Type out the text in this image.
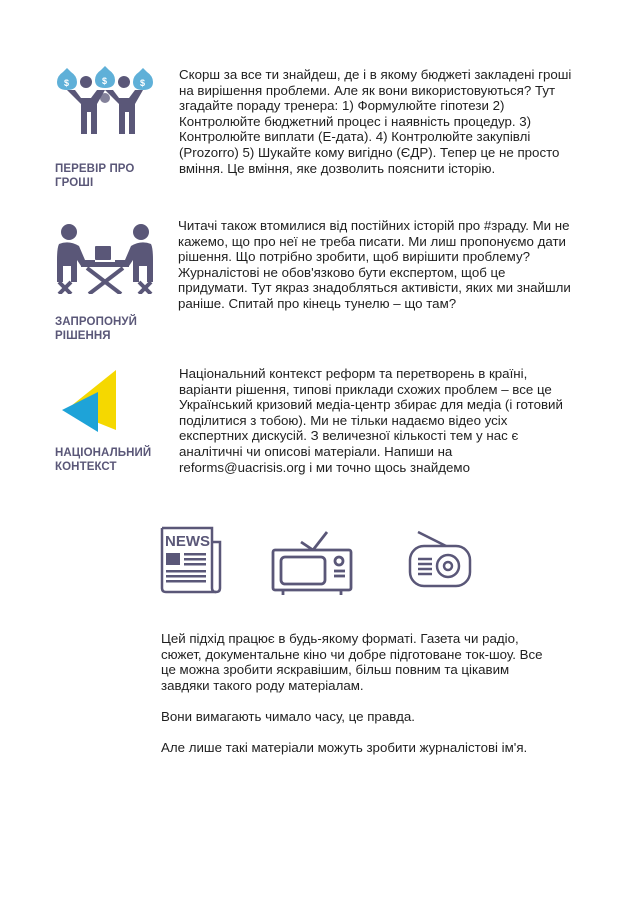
$	$	$
ПЕРЕВІР ПРО ГРОШІ
Скорш за все ти знайдеш, де і в якому бюджеті закладені гроші
на вирішення проблеми. Але як вони використовуються? Тут
згадайте пораду тренера: 1) Формулюйте гіпотези 2)
Контролюйте бюджетний процес і наявність процедур. 3)
Контролюйте виплати (Е-дата). 4) Контролюйте закупівлі
(Prozorro) 5) Шукайте кому вигідно (ЄДР). Тепер це не просто
вміння. Це вміння, яке дозволить пояснити історію.
ЗАПРОПОНУЙ РІШЕННЯ
Читачі також втомилися від постійних історій про #зраду. Ми не
кажемо, що про неї не треба писати. Ми лиш пропонуємо дати
рішення. Що потрібно зробити, щоб вирішити проблему?
Журналістові не обов'язково бути експертом, щоб це
придумати. Тут якраз знадобляться активісти, яких ми знайшли
раніше. Спитай про кінець тунелю – що там?
НАЦІОНАЛЬНИЙ КОНТЕКСТ
Національний контекст реформ та перетворень в країні,
варіанти рішення, типові приклади схожих проблем – все це
Український кризовий медіа-центр збирає для медіа (і готовий
поділитися з тобою). Ми не тільки надаємо відео усіх
експертних дискусій. З величезної кількості тем у нас є
аналітичні чи описові матеріали. Напиши на
reforms@uacrisis.org і ми точно щось знайдемо
NEWS
Цей підхід працює в будь-якому форматі. Газета чи радіо,
сюжет, документальне кіно чи добре підготоване ток-шоу. Все
це можна зробити яскравішим, більш повним та цікавим
завдяки такого роду матеріалам.
Вони вимагають чимало часу, це правда.
Але лише такі матеріали можуть зробити журналістові ім'я.
